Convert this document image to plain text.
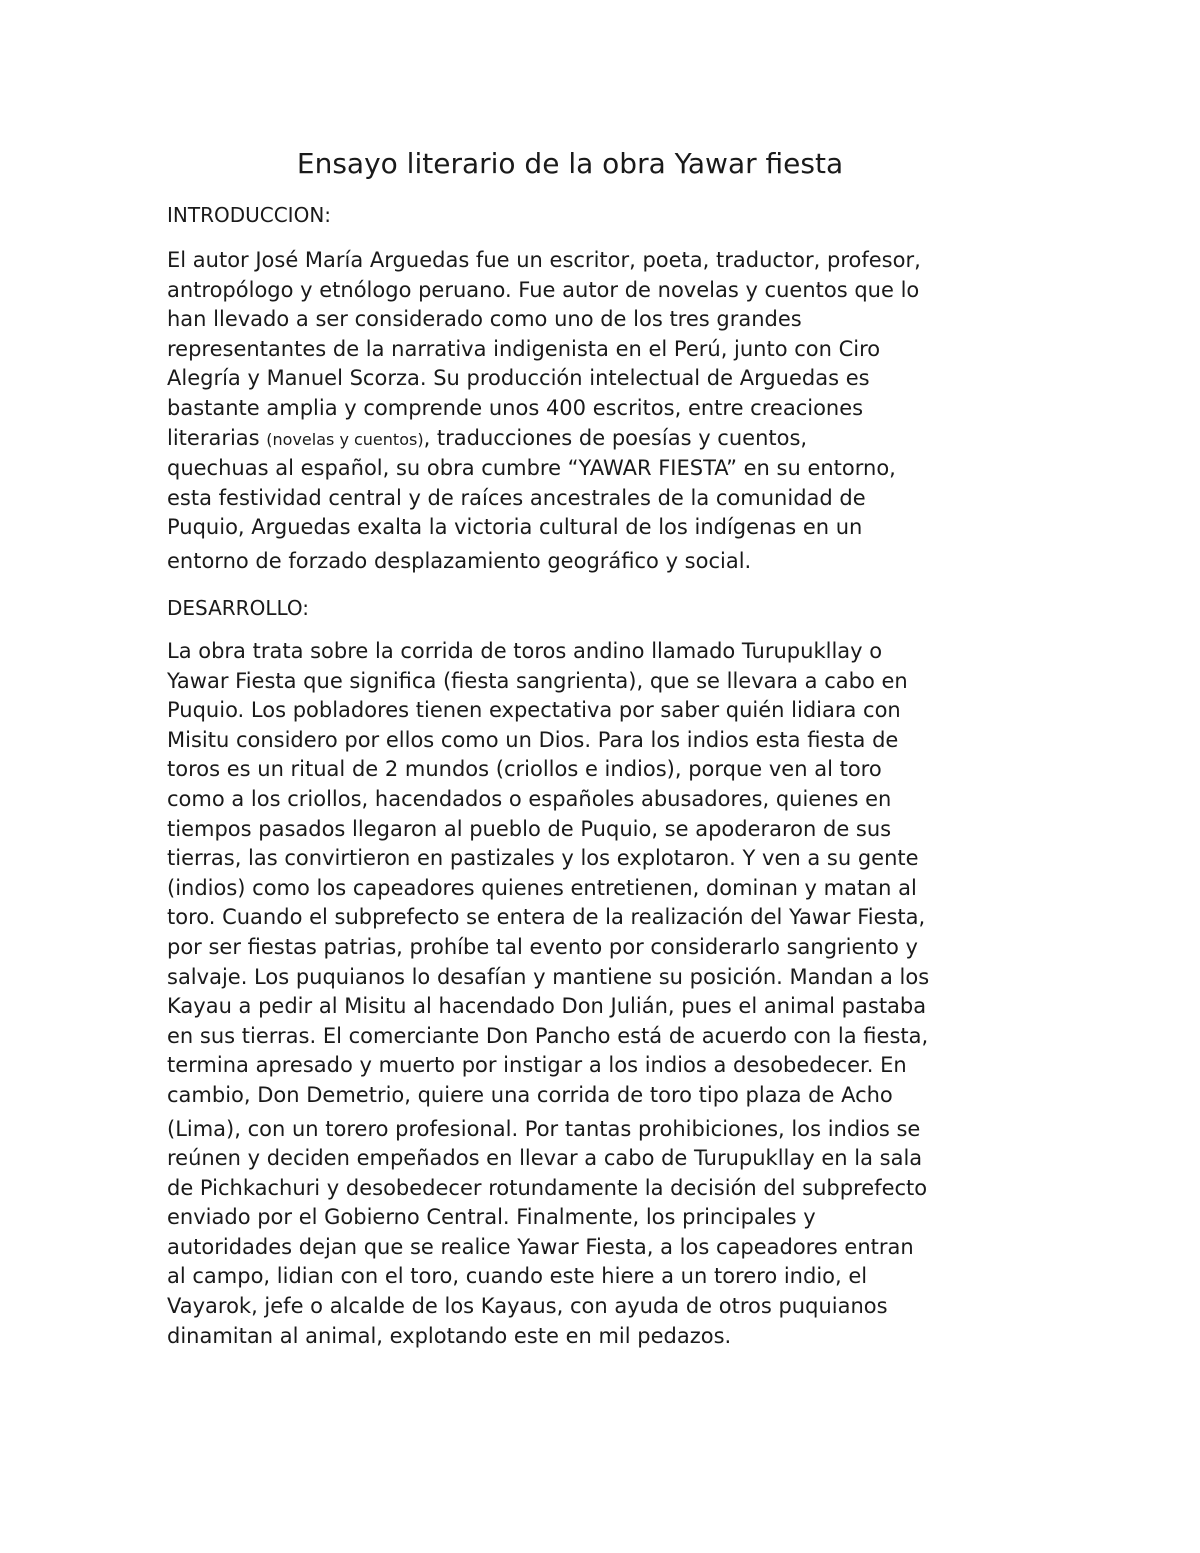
Ensayo literario de la obra Yawar fiesta

INTRODUCCION:

El autor José María Arguedas fue un escritor, poeta, traductor, profesor,
antropólogo y etnólogo peruano. Fue autor de novelas y cuentos que lo
han llevado a ser considerado como uno de los tres grandes
representantes de la narrativa indigenista en el Perú, junto con Ciro
Alegría y Manuel Scorza. Su producción intelectual de Arguedas es
bastante amplia y comprende unos 400 escritos, entre creaciones
literarias (novelas y cuentos), traducciones de poesías y cuentos,
quechuas al español, su obra cumbre “YAWAR FIESTA” en su entorno,
esta festividad central y de raíces ancestrales de la comunidad de
Puquio, Arguedas exalta la victoria cultural de los indígenas en un
entorno de forzado desplazamiento geográfico y social.

DESARROLLO:

La obra trata sobre la corrida de toros andino llamado Turupukllay o
Yawar Fiesta que significa (fiesta sangrienta), que se llevara a cabo en
Puquio. Los pobladores tienen expectativa por saber quién lidiara con
Misitu considero por ellos como un Dios. Para los indios esta fiesta de
toros es un ritual de 2 mundos (criollos e indios), porque ven al toro
como a los criollos, hacendados o españoles abusadores, quienes en
tiempos pasados llegaron al pueblo de Puquio, se apoderaron de sus
tierras, las convirtieron en pastizales y los explotaron. Y ven a su gente
(indios) como los capeadores quienes entretienen, dominan y matan al
toro. Cuando el subprefecto se entera de la realización del Yawar Fiesta,
por ser fiestas patrias, prohíbe tal evento por considerarlo sangriento y
salvaje. Los puquianos lo desafían y mantiene su posición. Mandan a los
Kayau a pedir al Misitu al hacendado Don Julián, pues el animal pastaba
en sus tierras. El comerciante Don Pancho está de acuerdo con la fiesta,
termina apresado y muerto por instigar a los indios a desobedecer. En
cambio, Don Demetrio, quiere una corrida de toro tipo plaza de Acho
(Lima), con un torero profesional. Por tantas prohibiciones, los indios se
reúnen y deciden empeñados en llevar a cabo de Turupukllay en la sala
de Pichkachuri y desobedecer rotundamente la decisión del subprefecto
enviado por el Gobierno Central. Finalmente, los principales y
autoridades dejan que se realice Yawar Fiesta, a los capeadores entran
al campo, lidian con el toro, cuando este hiere a un torero indio, el
Vayarok, jefe o alcalde de los Kayaus, con ayuda de otros puquianos
dinamitan al animal, explotando este en mil pedazos.
